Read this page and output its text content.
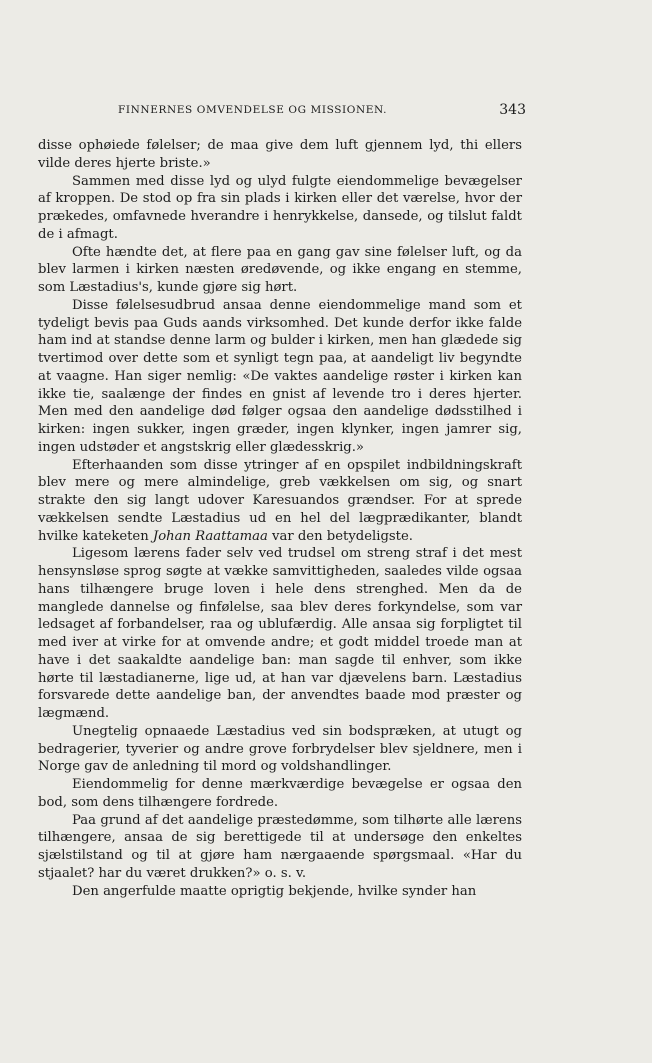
FINNERNES OMVENDELSE OG MISSIONEN.	343

disse ophøiede følelser; de maa give dem luft gjennem lyd, thi ellers vilde deres hjerte briste.»

Sammen med disse lyd og ulyd fulgte eiendommelige bevægelser af kroppen. De stod op fra sin plads i kirken eller det værelse, hvor der prækedes, omfavnede hverandre i henrykkelse, dansede, og tilslut faldt de i afmagt.

Ofte hændte det, at flere paa en gang gav sine følelser luft, og da blev larmen i kirken næsten øredøvende, og ikke engang en stemme, som Læstadius's, kunde gjøre sig hørt.

Disse følelsesudbrud ansaa denne eiendommelige mand som et tydeligt bevis paa Guds aands virksomhed. Det kunde derfor ikke falde ham ind at standse denne larm og bulder i kirken, men han glædede sig tvertimod over dette som et synligt tegn paa, at aandeligt liv begyndte at vaagne. Han siger nemlig: «De vaktes aandelige røster i kirken kan ikke tie, saalænge der findes en gnist af levende tro i deres hjerter. Men med den aandelige død følger ogsaa den aandelige dødsstilhed i kirken: ingen sukker, ingen græder, ingen klynker, ingen jamrer sig, ingen udstøder et angstskrig eller glædesskrig.»

Efterhaanden som disse ytringer af en opspilet indbildningskraft blev mere og mere almindelige, greb vækkelsen om sig, og snart strakte den sig langt udover Karesuandos grændser. For at sprede vækkelsen sendte Læstadius ud en hel del lægprædikanter, blandt hvilke kateketen Johan Raattamaa var den betydeligste.

Ligesom lærens fader selv ved trudsel om streng straf i det mest hensynsløse sprog søgte at vække samvittigheden, saaledes vilde ogsaa hans tilhængere bruge loven i hele dens strenghed. Men da de manglede dannelse og finfølelse, saa blev deres forkyndelse, som var ledsaget af forbandelser, raa og ublufærdig. Alle ansaa sig forpligtet til med iver at virke for at omvende andre; et godt middel troede man at have i det saakaldte aandelige ban: man sagde til enhver, som ikke hørte til læstadianerne, lige ud, at han var djævelens barn. Læstadius forsvarede dette aandelige ban, der anvendtes baade mod præster og lægmænd.

Unegtelig opnaaede Læstadius ved sin bodspræken, at utugt og bedragerier, tyverier og andre grove forbrydelser blev sjeldnere, men i Norge gav de anledning til mord og voldshandlinger.

Eiendommelig for denne mærkværdige bevægelse er ogsaa den bod, som dens tilhængere fordrede.

Paa grund af det aandelige præstedømme, som tilhørte alle lærens tilhængere, ansaa de sig berettigede til at undersøge den enkeltes sjælstilstand og til at gjøre ham nærgaaende spørgsmaal. «Har du stjaalet? har du været drukken?» o. s. v.

Den angerfulde maatte oprigtig bekjende, hvilke synder han
